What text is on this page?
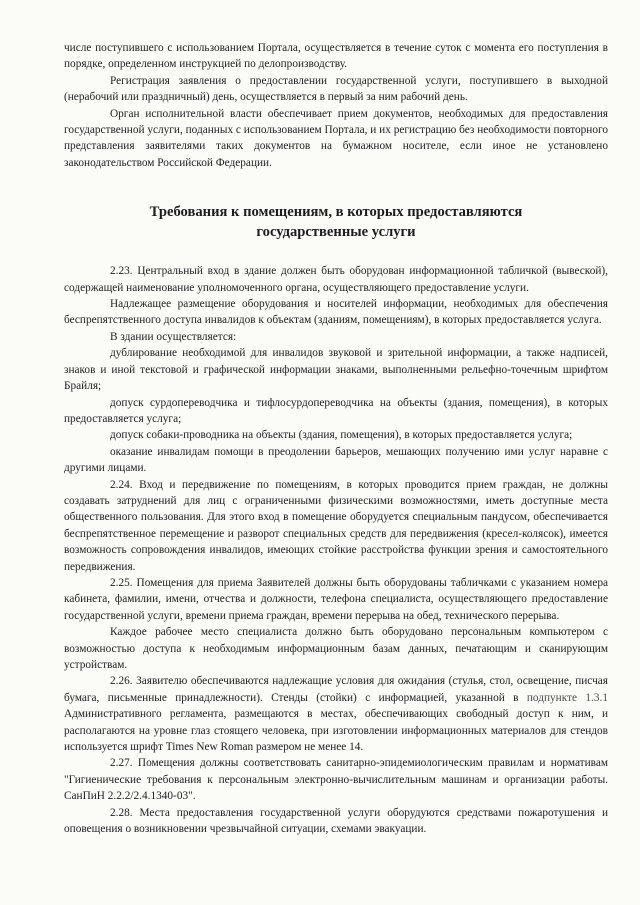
числе поступившего с использованием Портала, осуществляется в течение суток с момента его поступления в порядке, определенном инструкцией по делопроизводству.

Регистрация заявления о предоставлении государственной услуги, поступившего в выходной (нерабочий или праздничный) день, осуществляется в первый за ним рабочий день.

Орган исполнительной власти обеспечивает прием документов, необходимых для предоставления государственной услуги, поданных с использованием Портала, и их регистрацию без необходимости повторного представления заявителями таких документов на бумажном носителе, если иное не установлено законодательством Российской Федерации.

Требования к помещениям, в которых предоставляются
государственные услуги

2.23. Центральный вход в здание должен быть оборудован информационной табличкой (вывеской), содержащей наименование уполномоченного органа, осуществляющего предоставление услуги.

Надлежащее размещение оборудования и носителей информации, необходимых для обеспечения беспрепятственного доступа инвалидов к объектам (зданиям, помещениям), в которых предоставляется услуга.

В здании осуществляется:

дублирование необходимой для инвалидов звуковой и зрительной информации, а также надписей, знаков и иной текстовой и графической информации знаками, выполненными рельефно-точечным шрифтом Брайля;

допуск сурдопереводчика и тифлосурдопереводчика на объекты (здания, помещения), в которых предоставляется услуга;

допуск собаки-проводника на объекты (здания, помещения), в которых предоставляется услуга;

оказание инвалидам помощи в преодолении барьеров, мешающих получению ими услуг наравне с другими лицами.

2.24. Вход и передвижение по помещениям, в которых проводится прием граждан, не должны создавать затруднений для лиц с ограниченными физическими возможностями, иметь доступные места общественного пользования. Для этого вход в помещение оборудуется специальным пандусом, обеспечивается беспрепятственное перемещение и разворот специальных средств для передвижения (кресел-колясок), имеется возможность сопровождения инвалидов, имеющих стойкие расстройства функции зрения и самостоятельного передвижения.

2.25. Помещения для приема Заявителей должны быть оборудованы табличками с указанием номера кабинета, фамилии, имени, отчества и должности, телефона специалиста, осуществляющего предоставление государственной услуги, времени приема граждан, времени перерыва на обед, технического перерыва.

Каждое рабочее место специалиста должно быть оборудовано персональным компьютером с возможностью доступа к необходимым информационным базам данных, печатающим и сканирующим устройствам.

2.26. Заявителю обеспечиваются надлежащие условия для ожидания (стулья, стол, освещение, писчая бумага, письменные принадлежности). Стенды (стойки) с информацией, указанной в подпункте 1.3.1 Административного регламента, размещаются в местах, обеспечивающих свободный доступ к ним, и располагаются на уровне глаз стоящего человека, при изготовлении информационных материалов для стендов используется шрифт Times New Roman размером не менее 14.

2.27. Помещения должны соответствовать санитарно-эпидемиологическим правилам и нормативам "Гигиенические требования к персональным электронно-вычислительным машинам и организации работы. СанПиН 2.2.2/2.4.1340-03".

2.28. Места предоставления государственной услуги оборудуются средствами пожаротушения и оповещения о возникновении чрезвычайной ситуации, схемами эвакуации.
